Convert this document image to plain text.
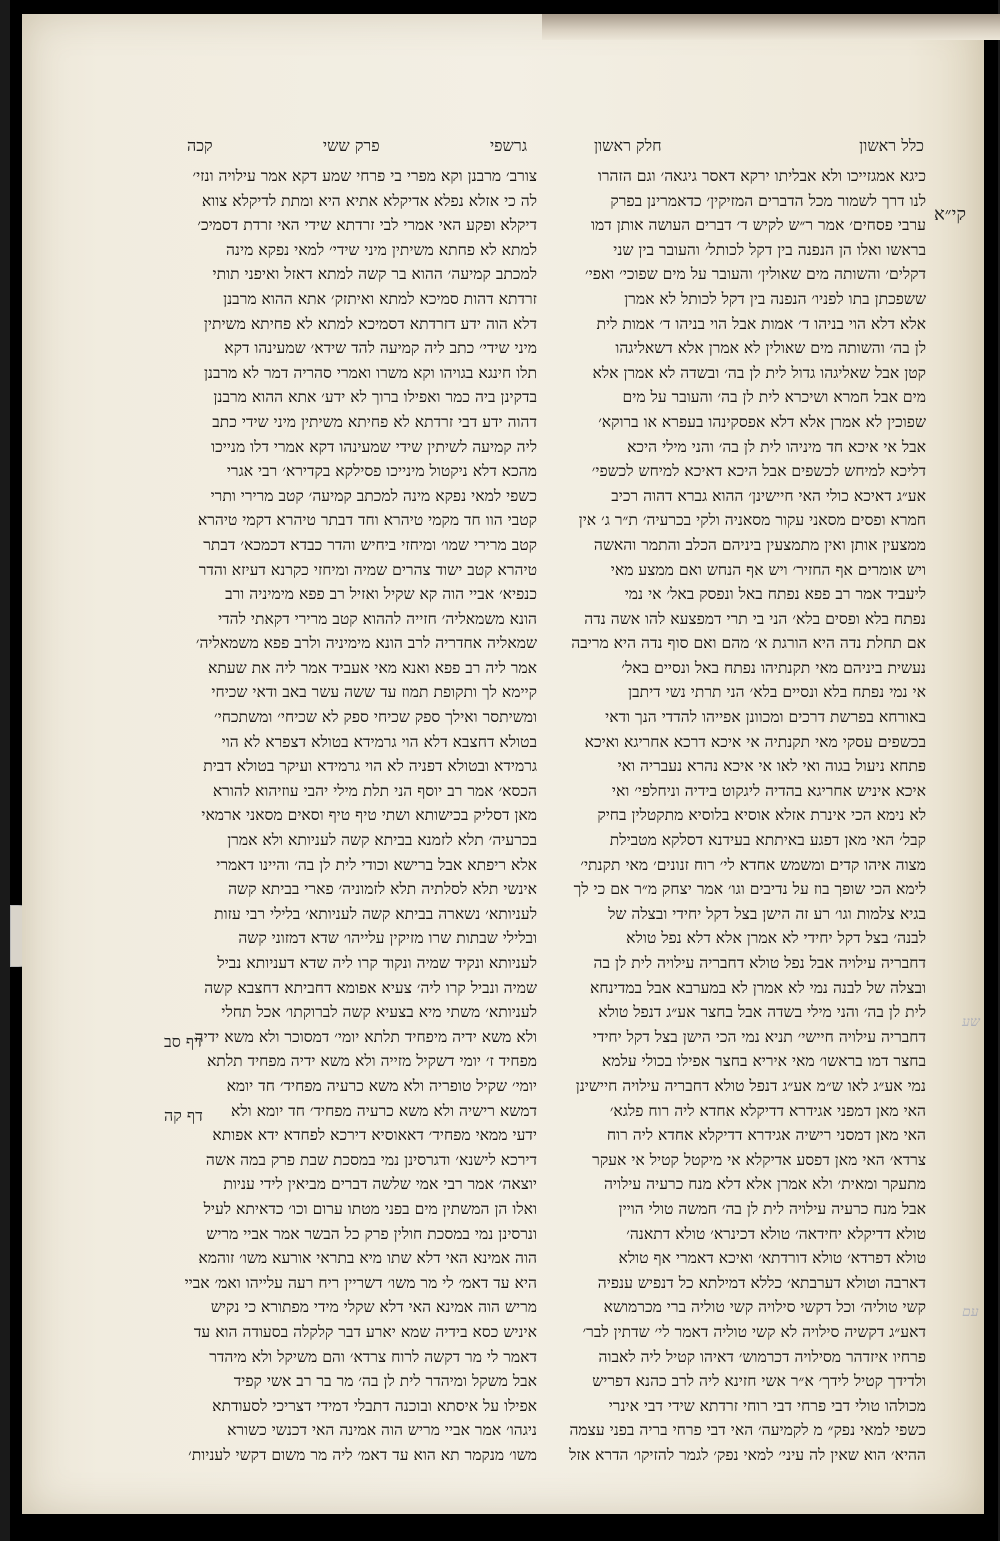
כלל ראשון
חלק ראשון
גרשפי
פרק ששי
קכה
קי״א
דף סב
דף קה

כיגא אמגזייכו ולא אבליתו ירקא דאסר גיגאה׳ וגם הזהרו

לנו דרך לשמור מכל הדברים המזיקין׳ כדאמרינן בפרק

ערבי פסחים׳ אמר ר״ש לקיש ד׳ דברים העושה אותן דמו

בראשו ואלו הן הנפנה בין דקל לכותל׳ והעובר בין שני

דקלים׳ והשותה מים שאולין׳ והעובר על מים שפוכי׳ ואפי׳

ששפכתן בתו לפניו׳ הנפנה בין דקל לכותל לא אמרן

אלא דלא הוי בניהו ד׳ אמות אבל הוי בניהו ד׳ אמות לית

לן בה׳ והשותה מים שאולין לא אמרן אלא דשאליגהו

קטן אבל שאליגהו גדול לית לן בה׳ ובשדה לא אמרן אלא

מים אבל חמרא ושיכרא לית לן בה׳ והעובר על מים

שפוכין לא אמרן אלא דלא אפסקינהו בעפרא או ברוקא׳

אבל אי איכא חד מיניהו לית לן בה׳ והני מילי היכא

דליכא למיחש לכשפים אבל היכא דאיכא למיחש לכשפי׳

אע״ג דאיכא כולי האי חיישינן׳ ההוא גברא דהוה רכיב

חמרא ופסים מסאני עקור מסאניה ולקי בכרעיה׳ ת״ר ג׳ אין

ממצעין אותן ואין מתמצעין ביניהם הכלב והתמר והאשה

ויש אומרים אף החזיר׳ ויש אף הנחש ואם ממצע מאי

ליעביד אמר רב פפא נפתח באל ונפסק באל׳ אי נמי

נפתח בלא ופסים בלא׳ הני בי תרי דמפצעא להו אשה נדה

אם תחלת נדה היא הורגת א׳ מהם ואם סוף נדה היא מריבה

נעשית ביניהם מאי תקנתיהו נפתח באל ונסיים באל׳

אי נמי נפתח בלא ונסיים בלא׳ הני תרתי נשי דיתבן

באורחא בפרשת דרכים ומכוונן אפייהו להדדי הנך ודאי

בכשפים עסקי מאי תקנתיה אי איכא דרכא אחריגא ואיכא

פתחא ניעול בגוה ואי לאו אי איכא נהרא נעבריה ואי

איכא איניש אחריגא בהדיה ליגקוט בידיה וניחלפי׳ ואי

לא נימא הכי אינרת אזלא אוסיא בלוסיא מתקטלין בחיק

קבל׳ האי מאן דפגע באיתתא בעידנא דסלקא מטבילת

מצוה איהו קדים ומשמש אחדא לי׳ רוח זנונים׳ מאי תקנתי׳

לימא הכי שופך בוז על נדיבים וגו׳ אמר יצחק מ״ר אם כי לך

בגיא צלמות וגו׳ רע זה הישן בצל דקל יחידי ובצלה של

לבנה׳ בצל דקל יחידי לא אמרן אלא דלא נפל טולא

דחבריה עילויה אבל נפל טולא דחבריה עילויה לית לן בה

ובצלה של לבנה נמי לא אמרן לא במערבא אבל במדינחא

לית לן בה׳ והני מילי בשדה אבל בחצר אע״ג דנפל טולא

דחבריה עילויה חיישי׳ תניא נמי הכי הישן בצל דקל יחידי

בחצר דמו בראשו׳ מאי איריא בחצר אפילו בכולי עלמא

נמי אע״ג לאו ש״מ אע״ג דנפל טולא דחבריה עילויה חיישינן

האי מאן דמפני אגידרא דדיקלא אחדא ליה רוח פלגא׳

האי מאן דמסני רישיה אגידרא דדיקלא אחדא ליה רוח

צרדא׳ האי מאן דפסע אדיקלא אי מיקטל קטיל אי אעקר

מתעקר ומאית׳ ולא אמרן אלא דלא מנח כרעיה עילויה

אבל מנח כרעיה עילויה לית לן בה׳ חמשה טולי הויין

טולא דדיקלא יחידאה׳ טולא דכינרא׳ טולא דתאנה׳

טולא דפרדא׳ טולא דורדתא׳ ואיכא דאמרי אף טולא

דארבה וטולא דערבתא׳ כללא דמילתא כל דנפיש ענפיה

קשי טוליה׳ וכל דקשי סילויה קשי טוליה ברי מכרמושא

דאע״ג דקשיה סילויה לא קשי טוליה דאמר לי׳ שדתין לבר׳

פרחיו איזדהר מסילויה דכרמוש׳ דאיהו קטיל ליה לאבוה

ולדידך קטיל לידך׳ א״ר אשי חזינא ליה לרב כהנא דפריש

מכולהו טולי דבי פרחי דבי רוחי זרדתא שידי דבי אינרי

כשפי למאי נפק״ מ לקמיעה׳ האי דבי פרחי בריה בפני עצמה

ההיא׳ הוא שאין לה עיני׳ למאי נפק׳ לגמר להזיקו׳ הדרא אזל

צורב׳ מרבנן וקא מפרי בי פרחי שמע דקא אמר עילויה ונזי׳

לה כי אזלא נפלא אדיקלא אתיא היא ומתת לדיקלא צווא

דיקלא ופקע האי אמרי לבי זרדתא שידי האי זרדת דסמיכ׳

למתא לא פחתא משיתין מיני שידי׳ למאי נפקא מינה

למכתב קמיעה׳ ההוא בר קשה למתא דאזל ואיפני תותי

זרדתא דהות סמיכא למתא ואיתזק׳ אתא ההוא מרבנן

דלא הוה ידע דזרדתא דסמיכא למתא לא פחיתא משיתין

מיני שידי׳ כתב ליה קמיעה להד שידא׳ שמעינהו דקא

תלו חינגא בגויהו וקא משרו ואמרי סהריה דמר לא מרבנן

בדקינן ביה כמר ואפילו ברוך לא ידע׳ אתא ההוא מרבנן

דהוה ידע דבי זרדתא לא פחיתא משיתין מיני שידי כתב

ליה קמיעה לשיתין שידי שמעינהו דקא אמרי דלו מנייכו

מהכא דלא ניקטול מינייכו פסילקא בקדירא׳ רבי אגרי

כשפי למאי נפקא מינה למכתב קמיעה׳ קטב מרירי ותרי

קטבי הוו חד מקמי טיהרא וחד דבתר טיהרא דקמי טיהרא

קטב מרירי שמו׳ ומיחזי ביחיש והדר כבדא דכמכא׳ דבתר

טיהרא קטב ישוד צהרים שמיה ומיחזי כקרנא דעיזא והדר

כנפיא׳ אביי הוה קא שקיל ואזיל רב פפא מימיניה ורב

הונא משמאליה׳ חזייה לההוא קטב מרירי דקאתי להדי

שמאליה אחדריה לרב הונא מימיניה ולרב פפא משמאליה׳

אמר ליה רב פפא ואנא מאי אעביד אמר ליה את שעתא

קיימא לך ותקופת תמוז עד ששה עשר באב ודאי שכיחי

ומשיתסר ואילך ספק שכיחי ספק לא שכיחי׳ ומשתכחי׳

בטולא דחצבא דלא הוי גרמידא בטולא דצפרא לא הוי

גרמידא ובטולא דפניה לא הוי גרמידא ועיקר בטולא דבית

הכסא׳ אמר רב יוסף הני תלת מילי יהבי עוזיהוא להורא

מאן דסליק בכישותא ושתי טיף טיף וסאים מסאני ארמאי

בכרעיה׳ תלא לזמנא בביתא קשה לעניותא ולא אמרן

אלא ריפתא אבל ברישא וכודי לית לן בה׳ והיינו דאמרי

אינשי תלא לסלתיה תלא לזמוניה׳ פארי בביתא קשה

לעניותא׳ נשארה בביתא קשה לעניותא׳ בלילי רבי עזות

ובלילי שבתות שרו מזיקין עלייהו׳ שדא דמזוני קשה

לעניותא ונקיד שמיה ונקוד קרו ליה שדא דעניותא נביל

שמיה ונביל קרו ליה׳ צעיא אפומא דחביתא דחצבא קשה

לעניותא׳ משתי מיא בצעיא קשה לברוקתו׳ אכל תחלי

ולא משא ידיה מיפחיד תלתא יומי׳ דמסוכר ולא משא ידיה

מפחיד ז׳ יומי דשקיל מזייה ולא משא ידיה מפחיד תלתא

יומי׳ שקיל טופריה ולא משא כרעיה מפחיד׳ חד יומא

דמשא רישיה ולא משא כרעיה מפחיד׳ חד יומא ולא

ידעי ממאי מפחיד׳ דאאוסיא דירכא לפחדא ידא אפותא

דירכא לישנא׳ ודגרסינן נמי במסכת שבת פרק במה אשה

יוצאה׳ אמר רבי אמי שלשה דברים מביאין לידי עניות

ואלו הן המשתין מים בפני מטתו ערום וכו׳ כדאיתא לעיל

ונרסינן נמי במסכת חולין פרק כל הבשר אמר אביי מריש

הוה אמינא האי דלא שתו מיא בתראי אורעא משו׳ זוהמא

היא עד דאמ׳ לי מר משו׳ דשריין ריח רעה עלייהו ואמ׳ אביי

מריש הוה אמינא האי דלא שקלי מידי מפתורא כי נקיש

איניש כסא בידיה שמא יארע דבר קלקלה בסעודה הוא עד

דאמר לי מר דקשה לרוח צרדא׳ והם משיקל ולא מיהדר

אבל משקל ומיהדר לית לן בה׳ מר בר רב אשי קפיד

אפילו על איסתא ובוכנה דתבלי דמידי דצריכי לסעודתא

ניגהו׳ אמר אביי מריש הוה אמינה האי דכנשי כשורא

משו׳ מנקמר תא הוא עד דאמ׳ ליה מר משום דקשי לעניות׳

שע
עם
